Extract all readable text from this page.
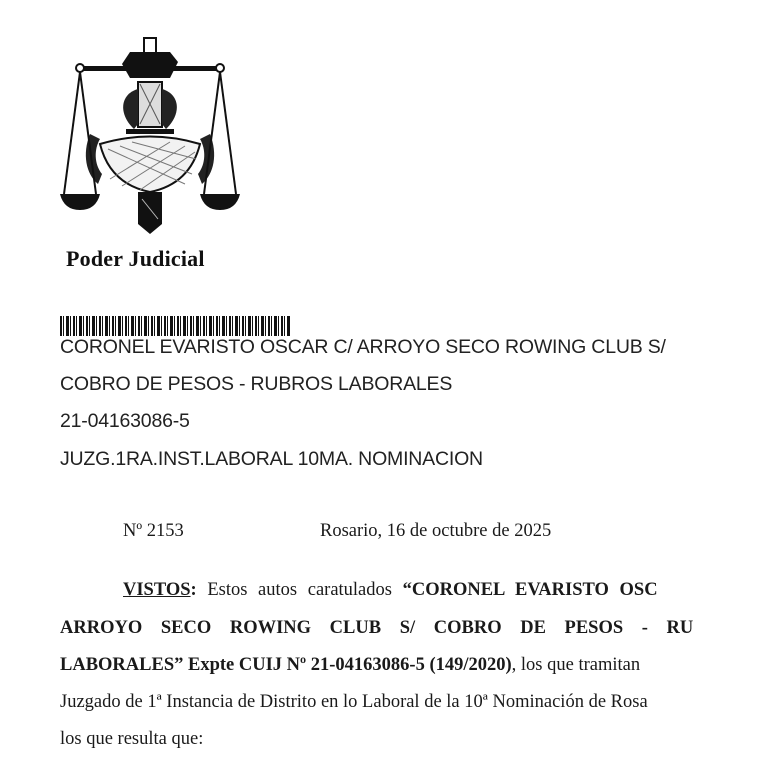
Poder Judicial
CORONEL EVARISTO OSCAR C/ ARROYO SECO ROWING CLUB S/
COBRO DE PESOS - RUBROS LABORALES
21-04163086-5
JUZG.1RA.INST.LABORAL 10MA. NOMINACION
Nº 2153	Rosario, 16 de octubre de 2025
VISTOS: Estos autos caratulados “CORONEL EVARISTO OSC
ARROYO SECO ROWING CLUB S/ COBRO DE PESOS - RU
LABORALES” Expte CUIJ Nº 21-04163086-5 (149/2020), los que tramitan
Juzgado de 1ª Instancia de Distrito en lo Laboral de la 10ª Nominación de Rosa
los que resulta que:
